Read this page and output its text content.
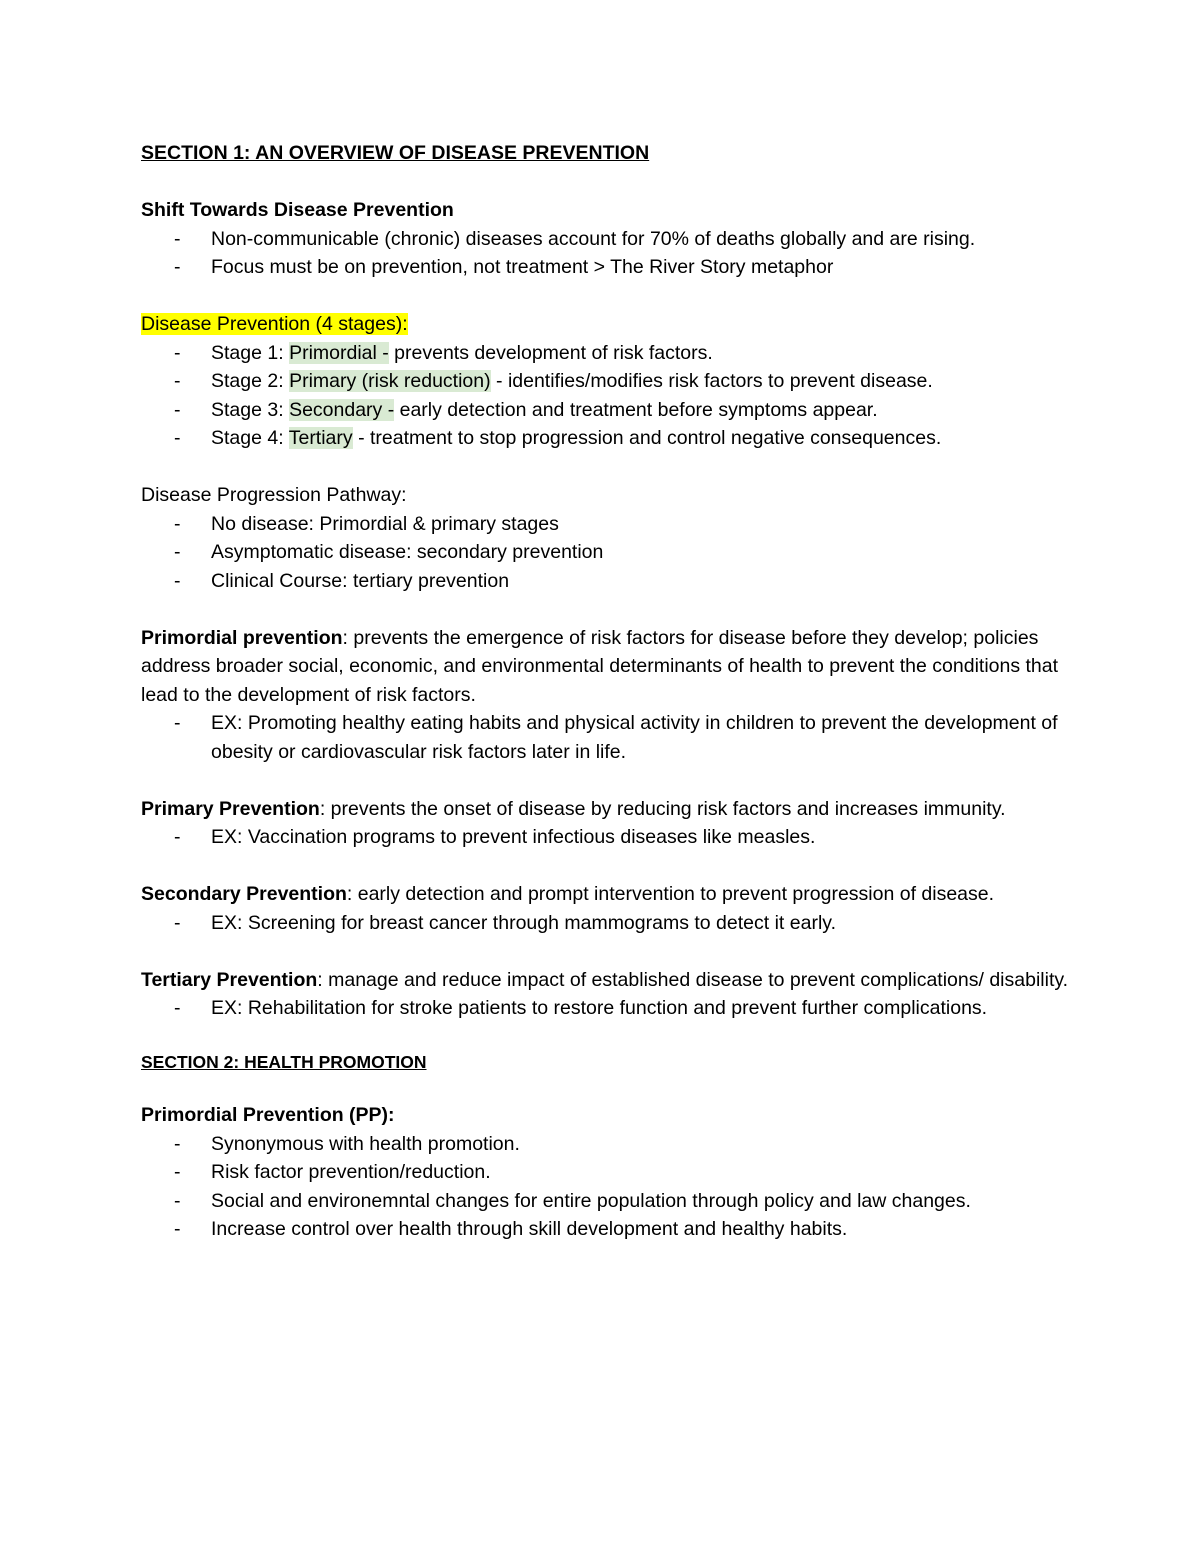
SECTION 1: AN OVERVIEW OF DISEASE PREVENTION

Shift Towards Disease Prevention

- Non-communicable (chronic) diseases account for 70% of deaths globally and are rising.
- Focus must be on prevention, not treatment > The River Story metaphor

Disease Prevention (4 stages):

- Stage 1: Primordial - prevents development of risk factors.
- Stage 2: Primary (risk reduction) - identifies/modifies risk factors to prevent disease.
- Stage 3: Secondary - early detection and treatment before symptoms appear.
- Stage 4: Tertiary - treatment to stop progression and control negative consequences.

Disease Progression Pathway:

- No disease: Primordial & primary stages
- Asymptomatic disease: secondary prevention
- Clinical Course: tertiary prevention

Primordial prevention: prevents the emergence of risk factors for disease before they develop; policies address broader social, economic, and environmental determinants of health to prevent the conditions that lead to the development of risk factors.

- EX: Promoting healthy eating habits and physical activity in children to prevent the development of obesity or cardiovascular risk factors later in life.

Primary Prevention: prevents the onset of disease by reducing risk factors and increases immunity.

- EX: Vaccination programs to prevent infectious diseases like measles.

Secondary Prevention: early detection and prompt intervention to prevent progression of disease.

- EX: Screening for breast cancer through mammograms to detect it early.

Tertiary Prevention: manage and reduce impact of established disease to prevent complications/ disability.

- EX: Rehabilitation for stroke patients to restore function and prevent further complications.

SECTION 2: HEALTH PROMOTION

Primordial Prevention (PP):

- Synonymous with health promotion.
- Risk factor prevention/reduction.
- Social and environemntal changes for entire population through policy and law changes.
- Increase control over health through skill development and healthy habits.
